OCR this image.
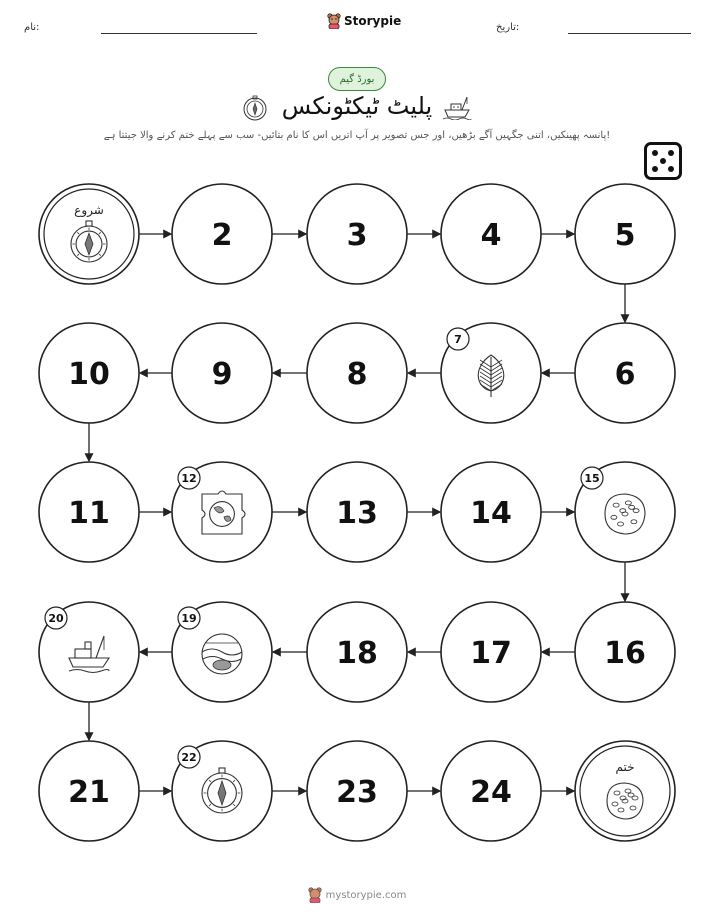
نام:	Storypie	تاریخ:
بورڈ گیم
پلیٹ ٹیکٹونکس
پانسہ پھینکیں، اتنی جگہیں آگے بڑھیں، اور جس تصویر پر آپ اتریں اس کا نام بتائیں- سب سے پہلے ختم کرنے والا جیتتا ہے!
شروع
2	3	4	5
6
7
8
9
10
11
12
13	14
15
16
17
18
19
20
21
22
23	24
ختم
mystorypie.com
